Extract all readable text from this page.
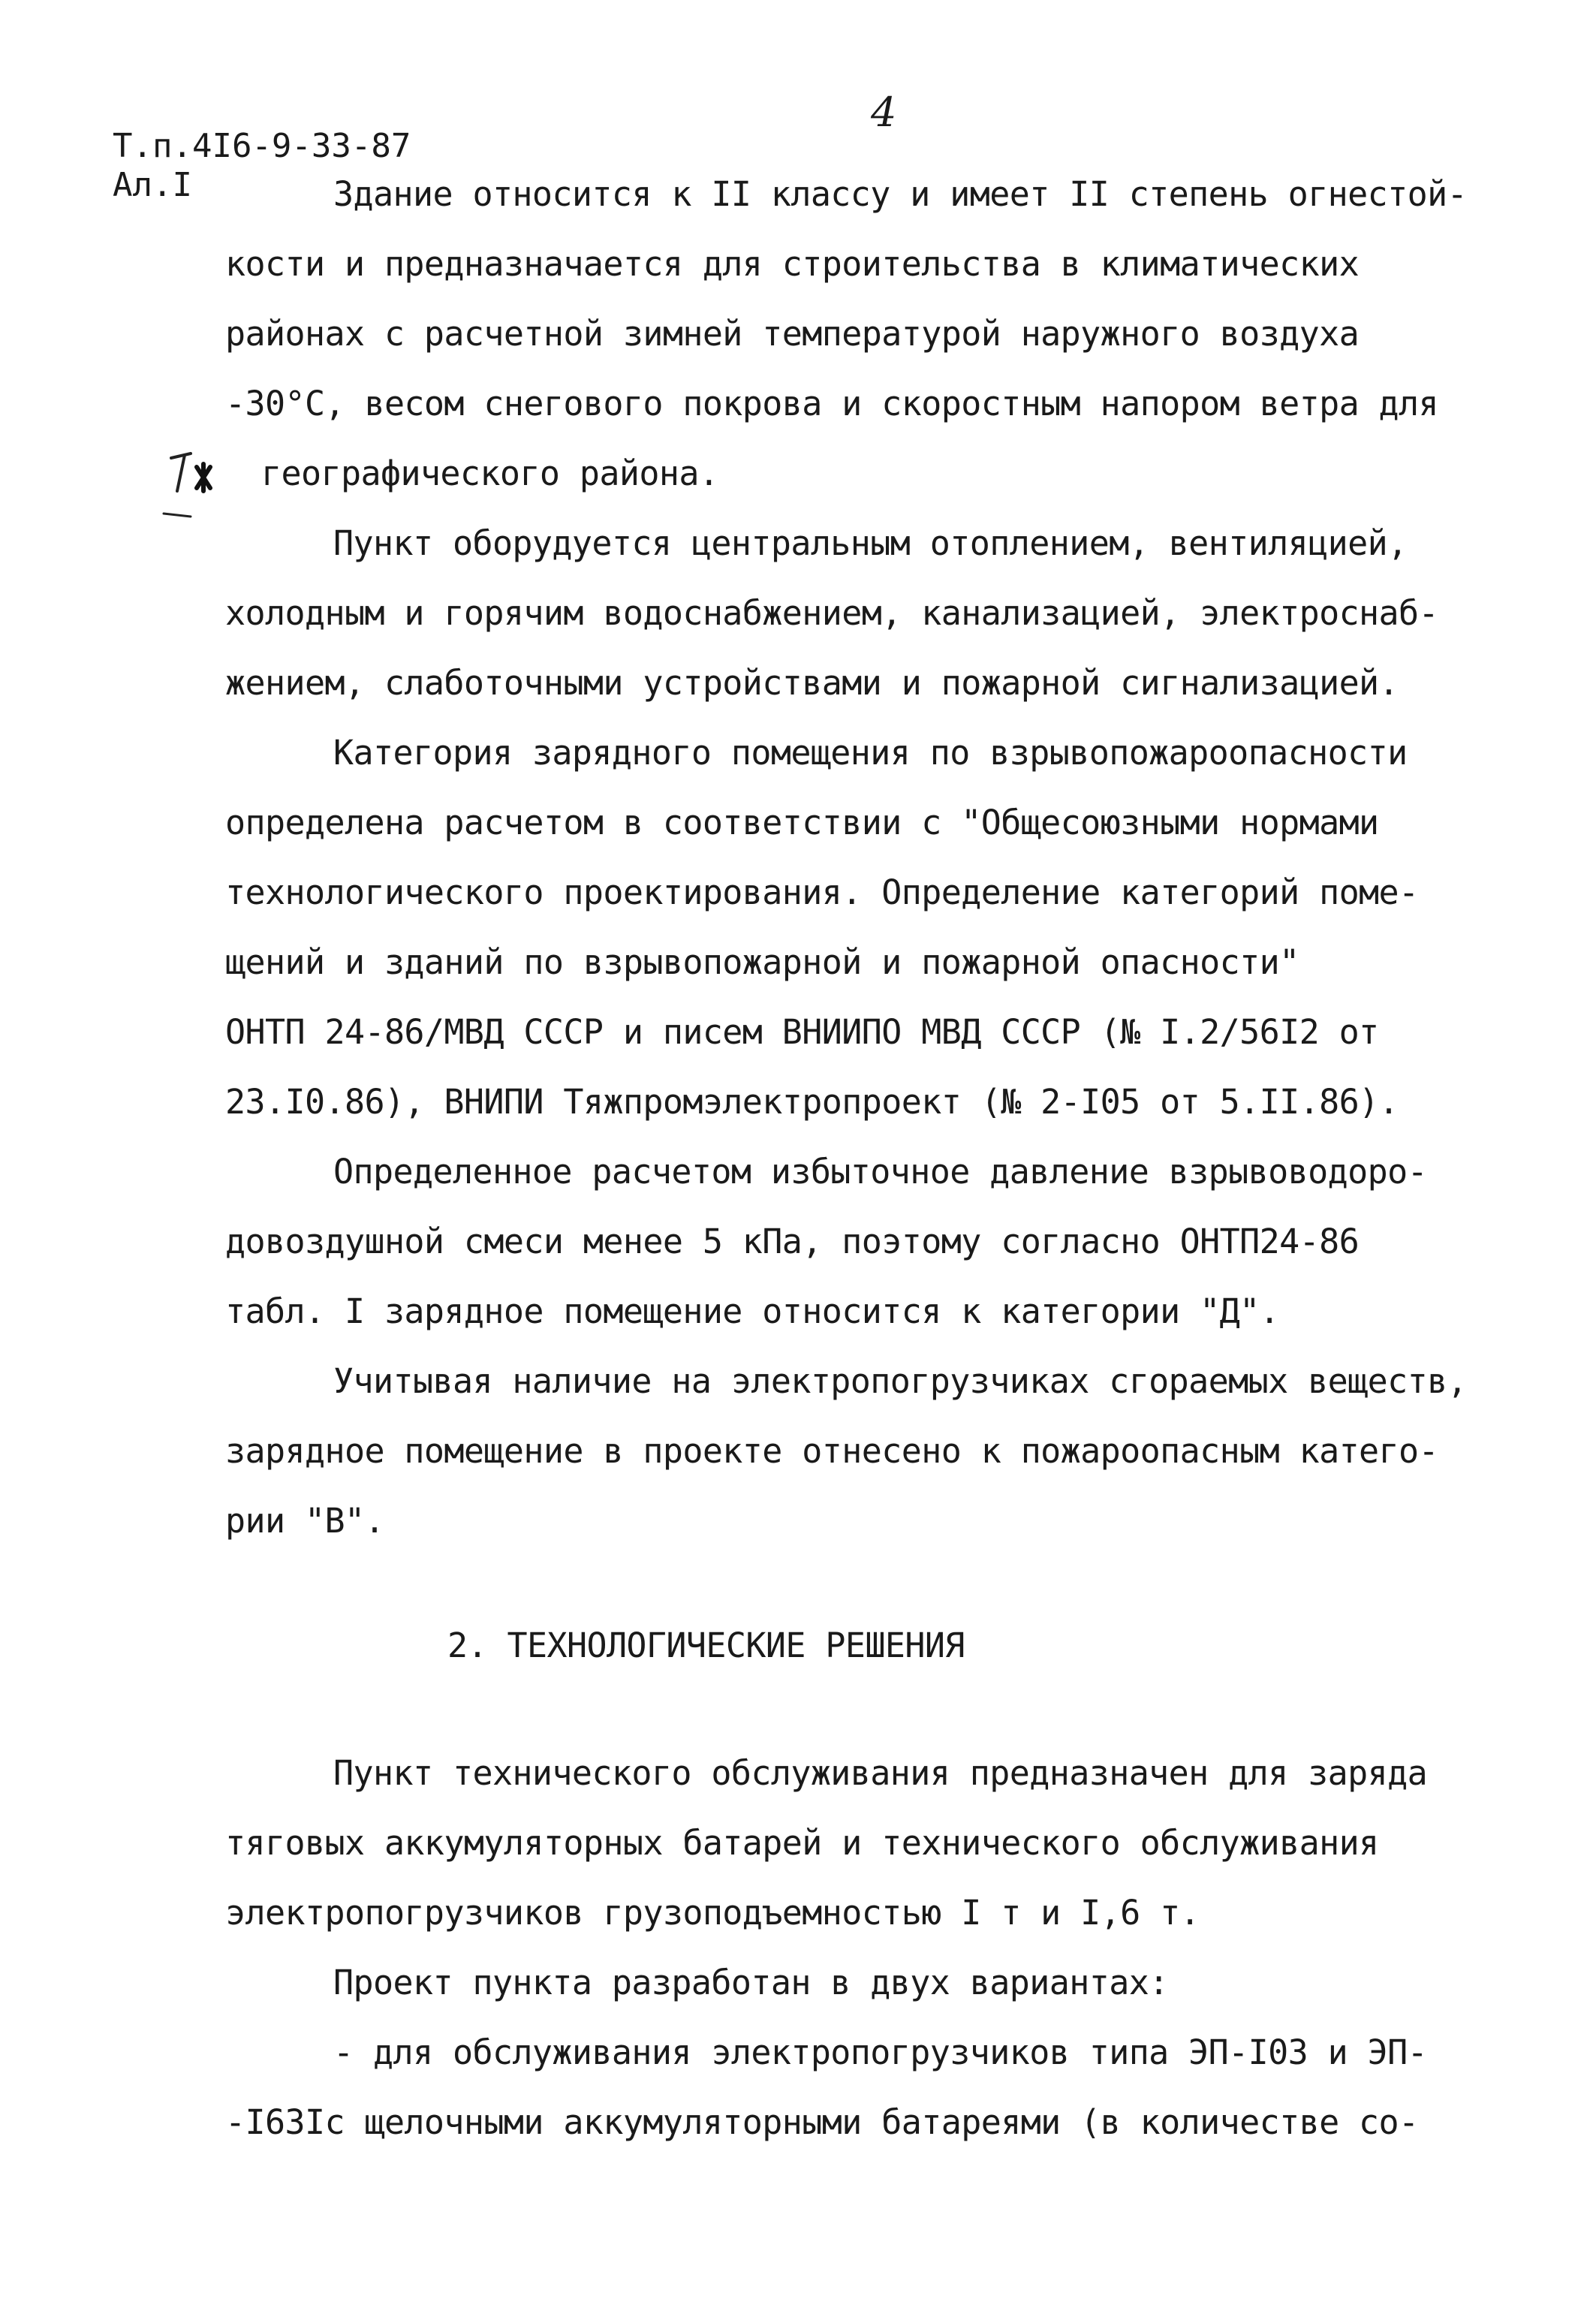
4
Т.п.4I6-9-33-87
Ал.I	Здание относится к II классу и имеет II степень огнестой-
кости и предназначается для строительства в климатических
районах с расчетной зимней температурой наружного воздуха
-30°С, весом снегового покрова и скоростным напором ветра для
географического района.
Пункт оборудуется центральным отоплением, вентиляцией,
холодным и горячим водоснабжением, канализацией, электроснаб-
жением, слаботочными устройствами и пожарной сигнализацией.
Категория зарядного помещения по взрывопожароопасности
определена расчетом в соответствии с "Общесоюзными нормами
технологического проектирования. Определение категорий поме-
щений и зданий по взрывопожарной и пожарной опасности"
ОНТП 24-86/МВД СССР и писем ВНИИПО МВД СССР (№ I.2/56I2 от
23.I0.86), ВНИПИ Тяжпромэлектропроект (№ 2-I05 от 5.II.86).
Определенное расчетом избыточное давление взрывоводоро-
довоздушной смеси менее 5 кПа, поэтому согласно ОНТП24-86
табл. I зарядное помещение относится к категории "Д".
Учитывая наличие на электропогрузчиках сгораемых веществ,
зарядное помещение в проекте отнесено к пожароопасным катего-
рии "В".
2. ТЕХНОЛОГИЧЕСКИЕ РЕШЕНИЯ
Пункт технического обслуживания предназначен для заряда
тяговых аккумуляторных батарей и технического обслуживания
электропогрузчиков грузоподъемностью I т и I,6 т.
Проект пункта разработан в двух вариантах:
- для обслуживания электропогрузчиков типа ЭП-I03 и ЭП-
-I63Iс щелочными аккумуляторными батареями (в количестве со-
